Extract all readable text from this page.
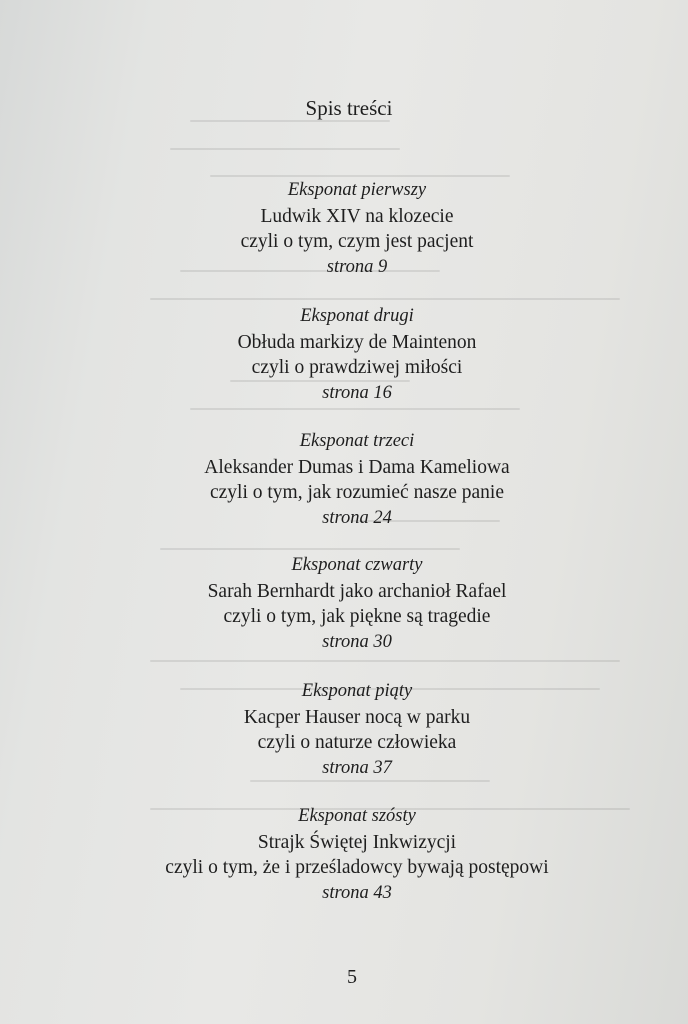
Spis treści
Eksponat pierwszy
Ludwik XIV na klozecie
czyli o tym, czym jest pacjent
strona 9
Eksponat drugi
Obłuda markizy de Maintenon
czyli o prawdziwej miłości
strona 16
Eksponat trzeci
Aleksander Dumas i Dama Kameliowa
czyli o tym, jak rozumieć nasze panie
strona 24
Eksponat czwarty
Sarah Bernhardt jako archanioł Rafael
czyli o tym, jak piękne są tragedie
strona 30
Eksponat piąty
Kacper Hauser nocą w parku
czyli o naturze człowieka
strona 37
Eksponat szósty
Strajk Świętej Inkwizycji
czyli o tym, że i prześladowcy bywają postępowi
strona 43
5
